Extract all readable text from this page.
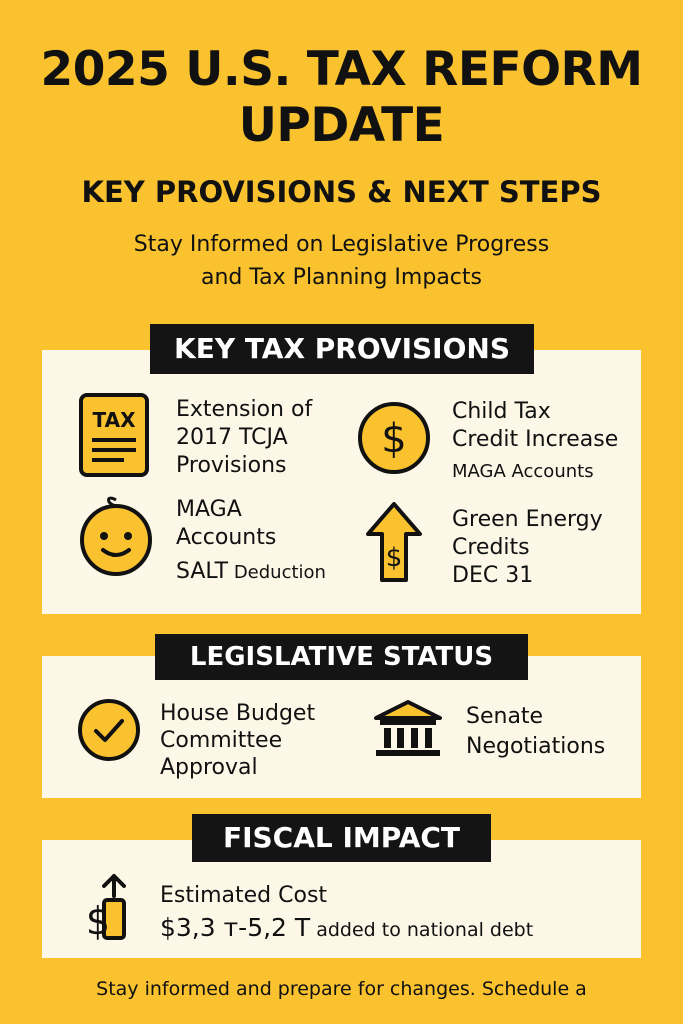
2025 U.S. TAX REFORM
UPDATE
KEY PROVISIONS & NEXT STEPS
Stay Informed on Legislative Progress
and Tax Planning Impacts
KEY TAX PROVISIONS
TAX Extension of
2017 TCJA
Provisions
$
Child Tax
Credit Increase
MAGA Accounts
MAGA
Accounts
SALT Deduction $
Green Energy
Credits
DEC 31
LEGISLATIVE STATUS
House Budget
Committee
Approval
Senate
Negotiations
FISCAL IMPACT
$
Estimated Cost
$3,3 т-5,2 T added to national debt
Stay informed and prepare for changes. Schedule a
